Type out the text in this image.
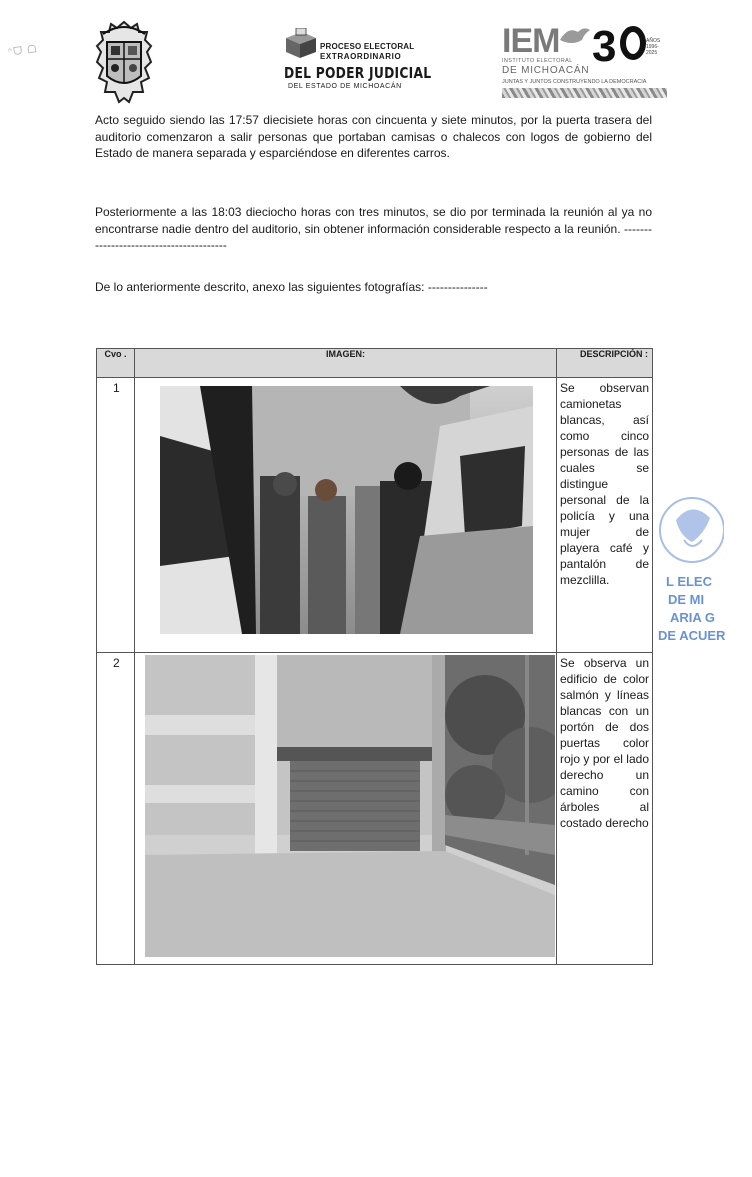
ᐢᗜ ᗝ	PROCESO ELECTORAL
EXTRAORDINARIO
DEL PODER JUDICIAL
DEL ESTADO DE MICHOACÁN
IEM 3	AÑOS 1996-2025
INSTITUTO ELECTORAL
DE MICHOACÁN
JUNTAS Y JUNTOS CONSTRUYENDO LA DEMOCRACIA
Acto seguido siendo las 17:57 diecisiete horas con cincuenta y siete minutos, por la puerta trasera del auditorio comenzaron a salir personas que portaban camisas o chalecos con logos de gobierno del Estado de manera separada y esparciéndose en diferentes carros.
Posteriormente a las 18:03 dieciocho horas con tres minutos, se dio por terminada la reunión al ya no encontrarse nadie dentro del auditorio, sin obtener información considerable respecto a la reunión. ----------------------------------------
De lo anteriormente descrito, anexo las siguientes fotografías: ---------------
Cvo .	IMAGEN:	DESCRIPCIÓN :
1		Se observan camionetas blancas, así como cinco personas de las cuales se distingue personal de la policía y una mujer de playera café y pantalón de mezclilla.
2		Se observa un edificio de color salmón y líneas blancas con un portón de dos puertas color rojo y por el lado derecho un camino con árboles al costado derecho
L ELEC
DE MI
ARIA G
DE ACUER
